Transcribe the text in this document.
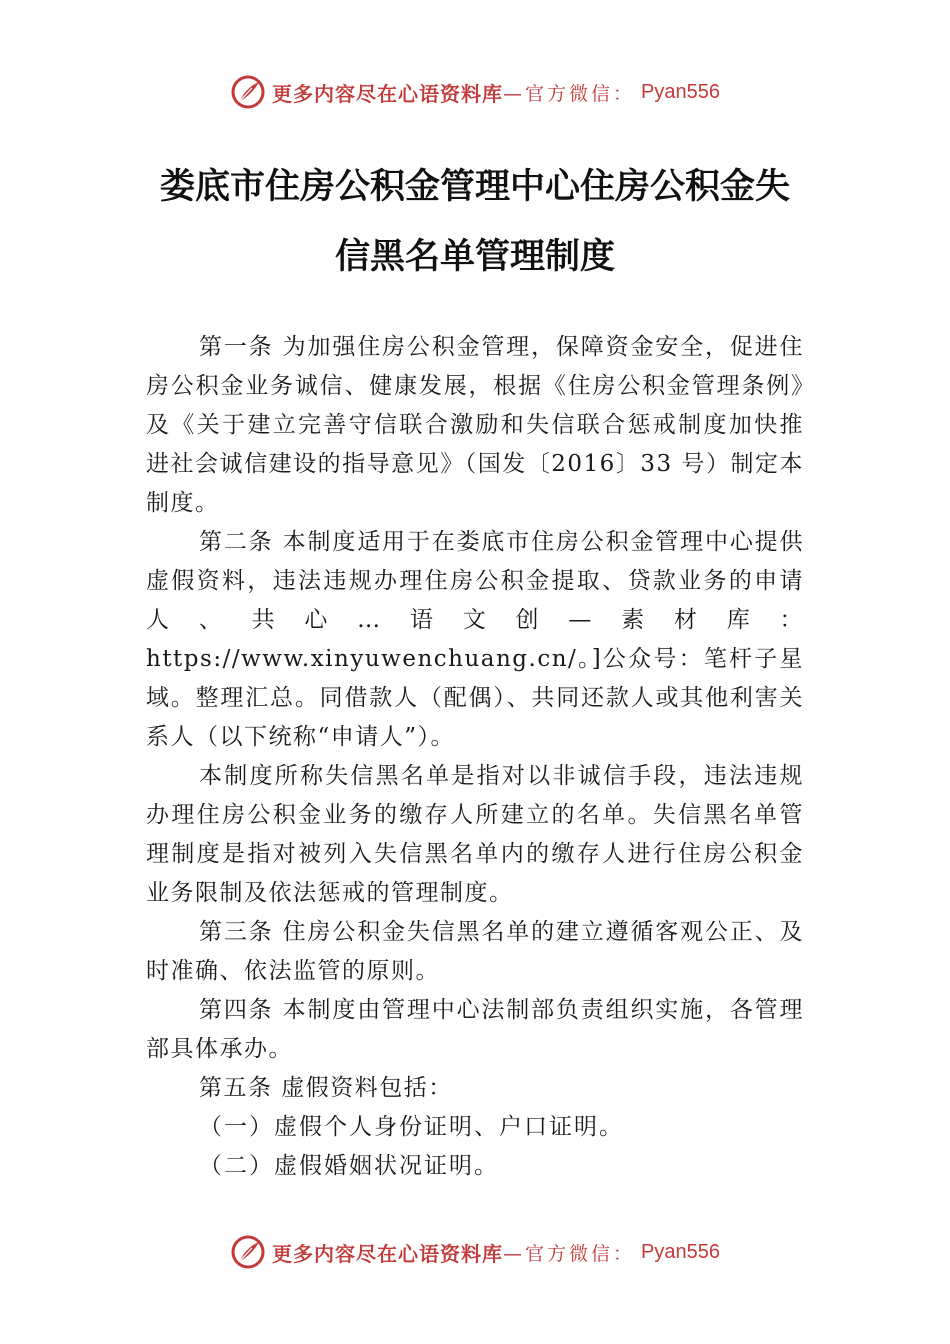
更多内容尽在心语资料库 —官方微信： Pyan556
娄底市住房公积金管理中心住房公积金失
信黑名单管理制度

第一条 为加强住房公积金管理，保障资金安全，促进住房公积金业务诚信、健康发展，根据《住房公积金管理条例》及《关于建立完善守信联合激励和失信联合惩戒制度加快推进社会诚信建设的指导意见》（国发〔2016〕33 号）制定本制度。

第二条 本制度适用于在娄底市住房公积金管理中心提供虚假资料，违法违规办理住房公积金提取、贷款业务的申请人、共心…语文创—素材库：https://www.xinyuwenchuang.cn/。]公众号：笔杆子星域。整理汇总。同借款人（配偶）、共同还款人或其他利害关系人（以下统称“申请人”）。

本制度所称失信黑名单是指对以非诚信手段，违法违规办理住房公积金业务的缴存人所建立的名单。失信黑名单管理制度是指对被列入失信黑名单内的缴存人进行住房公积金业务限制及依法惩戒的管理制度。

第三条 住房公积金失信黑名单的建立遵循客观公正、及时准确、依法监管的原则。

第四条 本制度由管理中心法制部负责组织实施，各管理部具体承办。

第五条 虚假资料包括：

（一）虚假个人身份证明、户口证明。

（二）虚假婚姻状况证明。

更多内容尽在心语资料库 —官方微信： Pyan556
